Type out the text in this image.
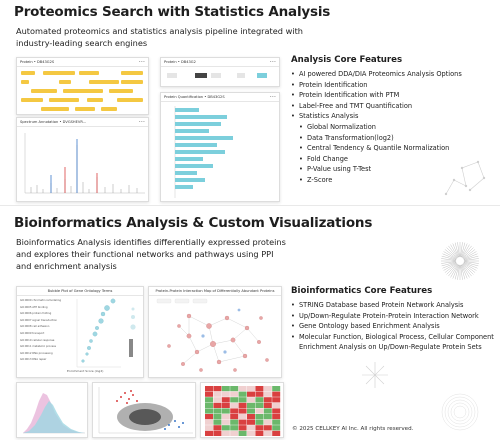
Proteomics Search with Statistics Analysis
Automated proteomics and statistics analysis pipeline integrated with industry-leading search engines
Protein • DB43G2S	•••
Spectrum Annotation • DVGSHEVR...	•••
Protein • DB43G2	•••
Protein Quantification • DB43G2S	•••
Analysis Core Features
• AI powered DDA/DIA Proteomics Analysis Options
• Protein Identification
• Protein Identification with PTM
• Label-Free and TMT Quantification
• Statistics Analysis
• Global Normalization
• Data Transformation(log2)
• Central Tendency & Quantile Normalization
• Fold Change
• P-Value using T-Test
• Z-Score
Bioinformatics Analysis & Custom Visualizations
Bioinformatics Analysis identifies differentially expressed proteins and explores their functional networks and pathways using PPI and enrichment analysis
Bubble Plot of Gene Ontology Terms
GO:0000 chromatin remodeling
GO:0005 ATP binding
GO:0006 protein folding
GO:0007 signal transduction
GO:0008 cell adhesion
GO:0009 transport
GO:0010 cellular response
GO:0011 metabolic process
GO:0012 RNA processing
GO:0013 DNA repair
Enrichment Score (log2)
Protein-Protein Interaction Map of Differentially Abundant Proteins Bioinformatics Core Features
• STRING Database based Protein Network Analysis
• Up/Down-Regulate Protein-Protein Interaction Network
• Gene Ontology based Enrichment Analysis
• Molecular Function, Biological Process, Cellular Component Enrichment Analysis on Up/Down-Regulate Protein Sets
© 2025 CELLKEY AI Inc. All rights reserved.
